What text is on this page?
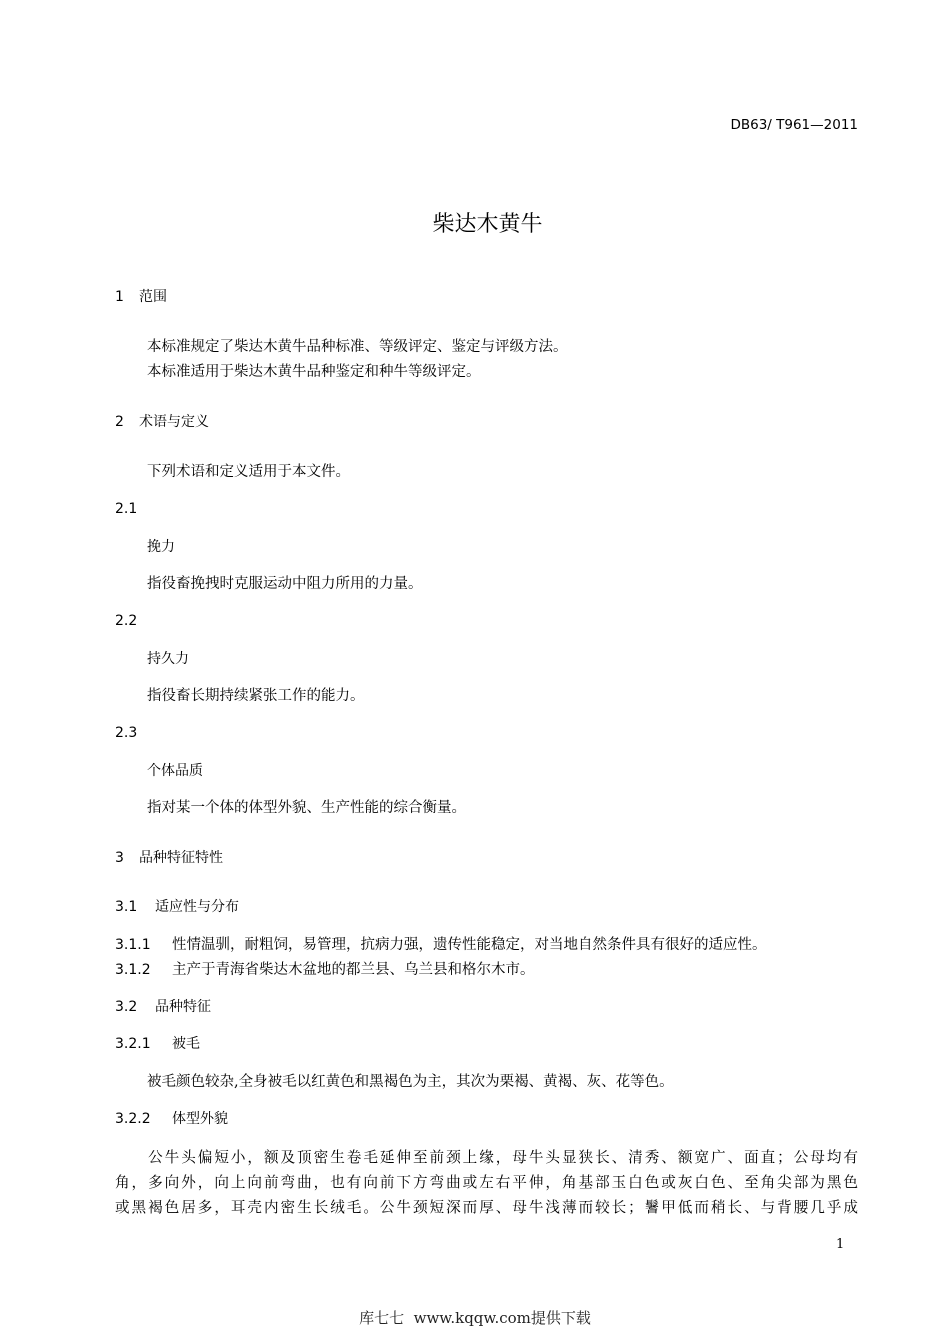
DB63/ T961—2011
柴达木黄牛
1 范围
本标准规定了柴达木黄牛品种标准、等级评定、鉴定与评级方法。
本标准适用于柴达木黄牛品种鉴定和种牛等级评定。
2 术语与定义
下列术语和定义适用于本文件。
2.1
挽力
指役畜挽拽时克服运动中阻力所用的力量。
2.2
持久力
指役畜长期持续紧张工作的能力。
2.3
个体品质
指对某一个体的体型外貌、生产性能的综合衡量。
3 品种特征特性
3.1 适应性与分布
3.1.1 性情温驯，耐粗饲，易管理，抗病力强，遗传性能稳定，对当地自然条件具有很好的适应性。
3.1.2 主产于青海省柴达木盆地的都兰县、乌兰县和格尔木市。
3.2 品种特征
3.2.1 被毛
被毛颜色较杂,全身被毛以红黄色和黑褐色为主，其次为栗褐、黄褐、灰、花等色。
3.2.2 体型外貌
　　公牛头偏短小，额及顶密生卷毛延伸至前颈上缘，母牛头显狭长、清秀、额宽广、面直；公母均有
角，多向外，向上向前弯曲，也有向前下方弯曲或左右平伸，角基部玉白色或灰白色、至角尖部为黑色
或黑褐色居多，耳壳内密生长绒毛。公牛颈短深而厚、母牛浅薄而较长；鬐甲低而稍长、与背腰几乎成
1
库七七  www.kqqw.com提供下载
